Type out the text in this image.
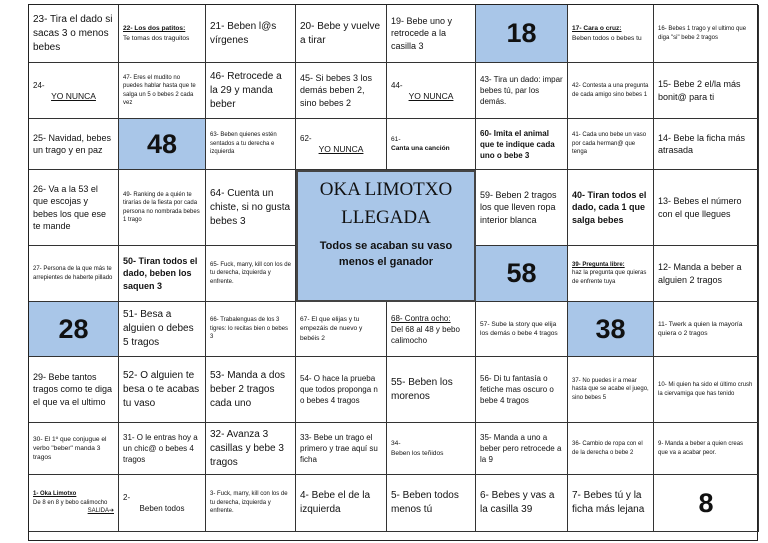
23- Tira el dado si sacas 3 o menos bebes
22- Los dos patitos:
Te tomas dos traguitos
21- Beben l@s vírgenes
20- Bebe y vuelve a tirar
19- Bebe uno y retrocede a la casilla 3	18	17- Cara o cruz:
Beben todos o bebes tu
16- Bebes 1 trago y el ultimo que diga "si" bebe 2 tragos
24-
YO NUNCA
47- Eres el mudito no puedes hablar hasta que te salga un 5 o bebes 2 cada vez
46- Retrocede a la 29 y manda beber
45- Si bebes 3 los demás beben 2, sino bebes 2
44-
YO NUNCA
43- Tira un dado: impar bebes tú, par los demás.
42- Contesta a una pregunta de cada amigo sino bebes 1
15- Bebe 2 el/la más bonit@ para ti
25- Navidad, bebes un trago y en paz	48	63- Beben quienes estén sentados a tu derecha e izquierda
62-
YO NUNCA
61-
Canta una canción
60- Imita el animal que te indique cada uno o bebe 3
41- Cada uno bebe un vaso por cada herman@ que tenga
14- Bebe la ficha más atrasada
26- Va a la 53 el que escojas y bebes los que ese te mande
49- Ranking de a quién te tirarías de la fiesta por cada persona no nombrada bebes 1 trago
64- Cuenta un chiste, si no gusta bebes 3
OKA LIMOTXO
LLEGADA
Todos se acaban su vaso menos el ganador
59- Beben 2 tragos los que lleven ropa interior blanca
40- Tiran todos el dado, cada 1 que salga bebes
13- Bebes el número con el que llegues
27- Persona de la que más te arrepientes de haberte pillado
50- Tiran todos el dado, beben los saquen 3
65- Fuck, marry, kill con los de tu derecha, izquierda y enfrente.	58	39- Pregunta libre:
haz la pregunta que quieras de enfrente tuya
12- Manda a beber a alguien 2 tragos
28	51- Besa a alguien o debes 5 tragos
66- Trabalenguas de los 3 tigres: lo recitas bien o bebes 3
67- El que elijas y tu empezáis de nuevo y bebéis 2
68- Contra ocho:
Del 68 al 48 y bebo calimocho
57- Sube la story que elija los demás o bebe 4 tragos 38	11- Twerk a quien la mayoría quiera o 2 tragos
29- Bebe tantos tragos como te diga el que va el ultimo
52- O alguien te besa o te acabas tu vaso
53- Manda a dos beber 2 tragos cada uno
54- O hace la prueba que todos proponga n o bebes 4 tragos
55- Beben los morenos
56- Di tu fantasía o fetiche mas oscuro o bebe 4 tragos
37- No puedes ir a mear hasta que se acabe el juego, sino bebes 5
10- Mi quien ha sido el último crush la ciervamiga que has tenido
30- El 1º que conjugue el verbo "beber" manda 3 tragos
31- O le entras hoy a un chic@ o bebes 4 tragos
32- Avanza 3 casillas y bebe 3 tragos
33- Bebe un trago el primero y trae aquí su ficha
34-
Beben los teñidos
35- Manda a uno a beber pero retrocede a la 9
36- Cambio de ropa con el de la derecha o bebe 2
9- Manda a beber a quien creas que va a acabar peor.
1- Oka Limotxo
De 8 en 8 y bebo calimocho
SALIDA➔
2-
Beben todos
3- Fuck, marry, kill con los de tu derecha, izquierda y enfrente.
4- Bebe el de la izquierda
5- Beben todos menos tú
6- Bebes y vas a la casilla 39
7- Bebes tú y la ficha más lejana 8
